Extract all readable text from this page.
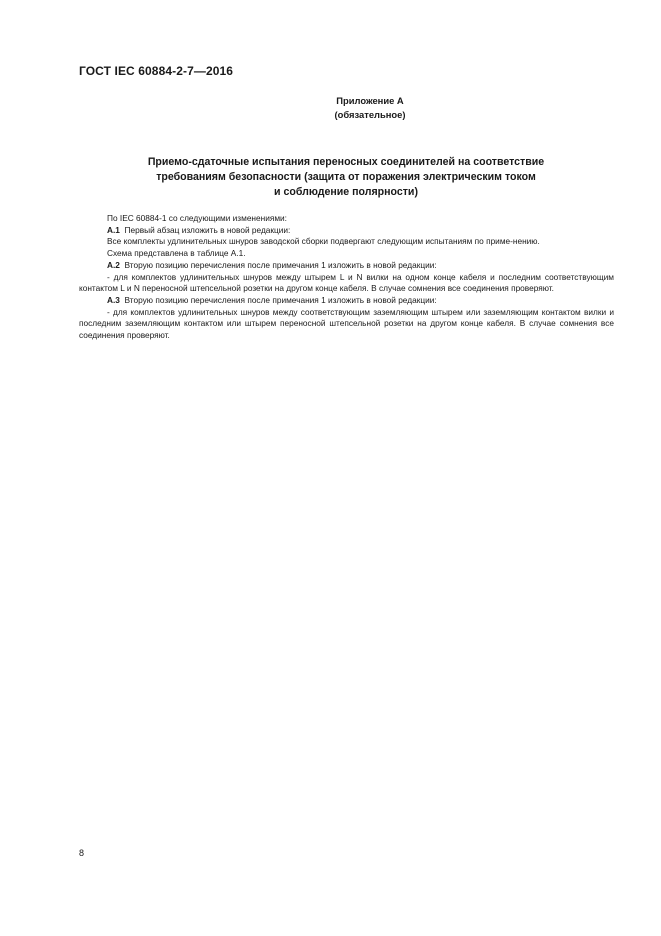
ГОСТ IEC 60884-2-7—2016
Приложение А
(обязательное)
Приемо-сдаточные испытания переносных соединителей на соответствие
требованиям безопасности (защита от поражения электрическим током
и соблюдение полярности)

По IEC 60884-1 со следующими изменениями:

А.1 Первый абзац изложить в новой редакции:

Все комплекты удлинительных шнуров заводской сборки подвергают следующим испытаниям по приме-нению.

Схема представлена в таблице А.1.

А.2 Вторую позицию перечисления после примечания 1 изложить в новой редакции:

- для комплектов удлинительных шнуров между штырем L и N вилки на одном конце кабеля и последним соответствующим контактом L и N переносной штепсельной розетки на другом конце кабеля. В случае сомнения все соединения проверяют.

А.3 Вторую позицию перечисления после примечания 1 изложить в новой редакции:

- для комплектов удлинительных шнуров между соответствующим заземляющим штырем или заземляющим контактом вилки и последним заземляющим контактом или штырем переносной штепсельной розетки на другом конце кабеля. В случае сомнения все соединения проверяют.

8
